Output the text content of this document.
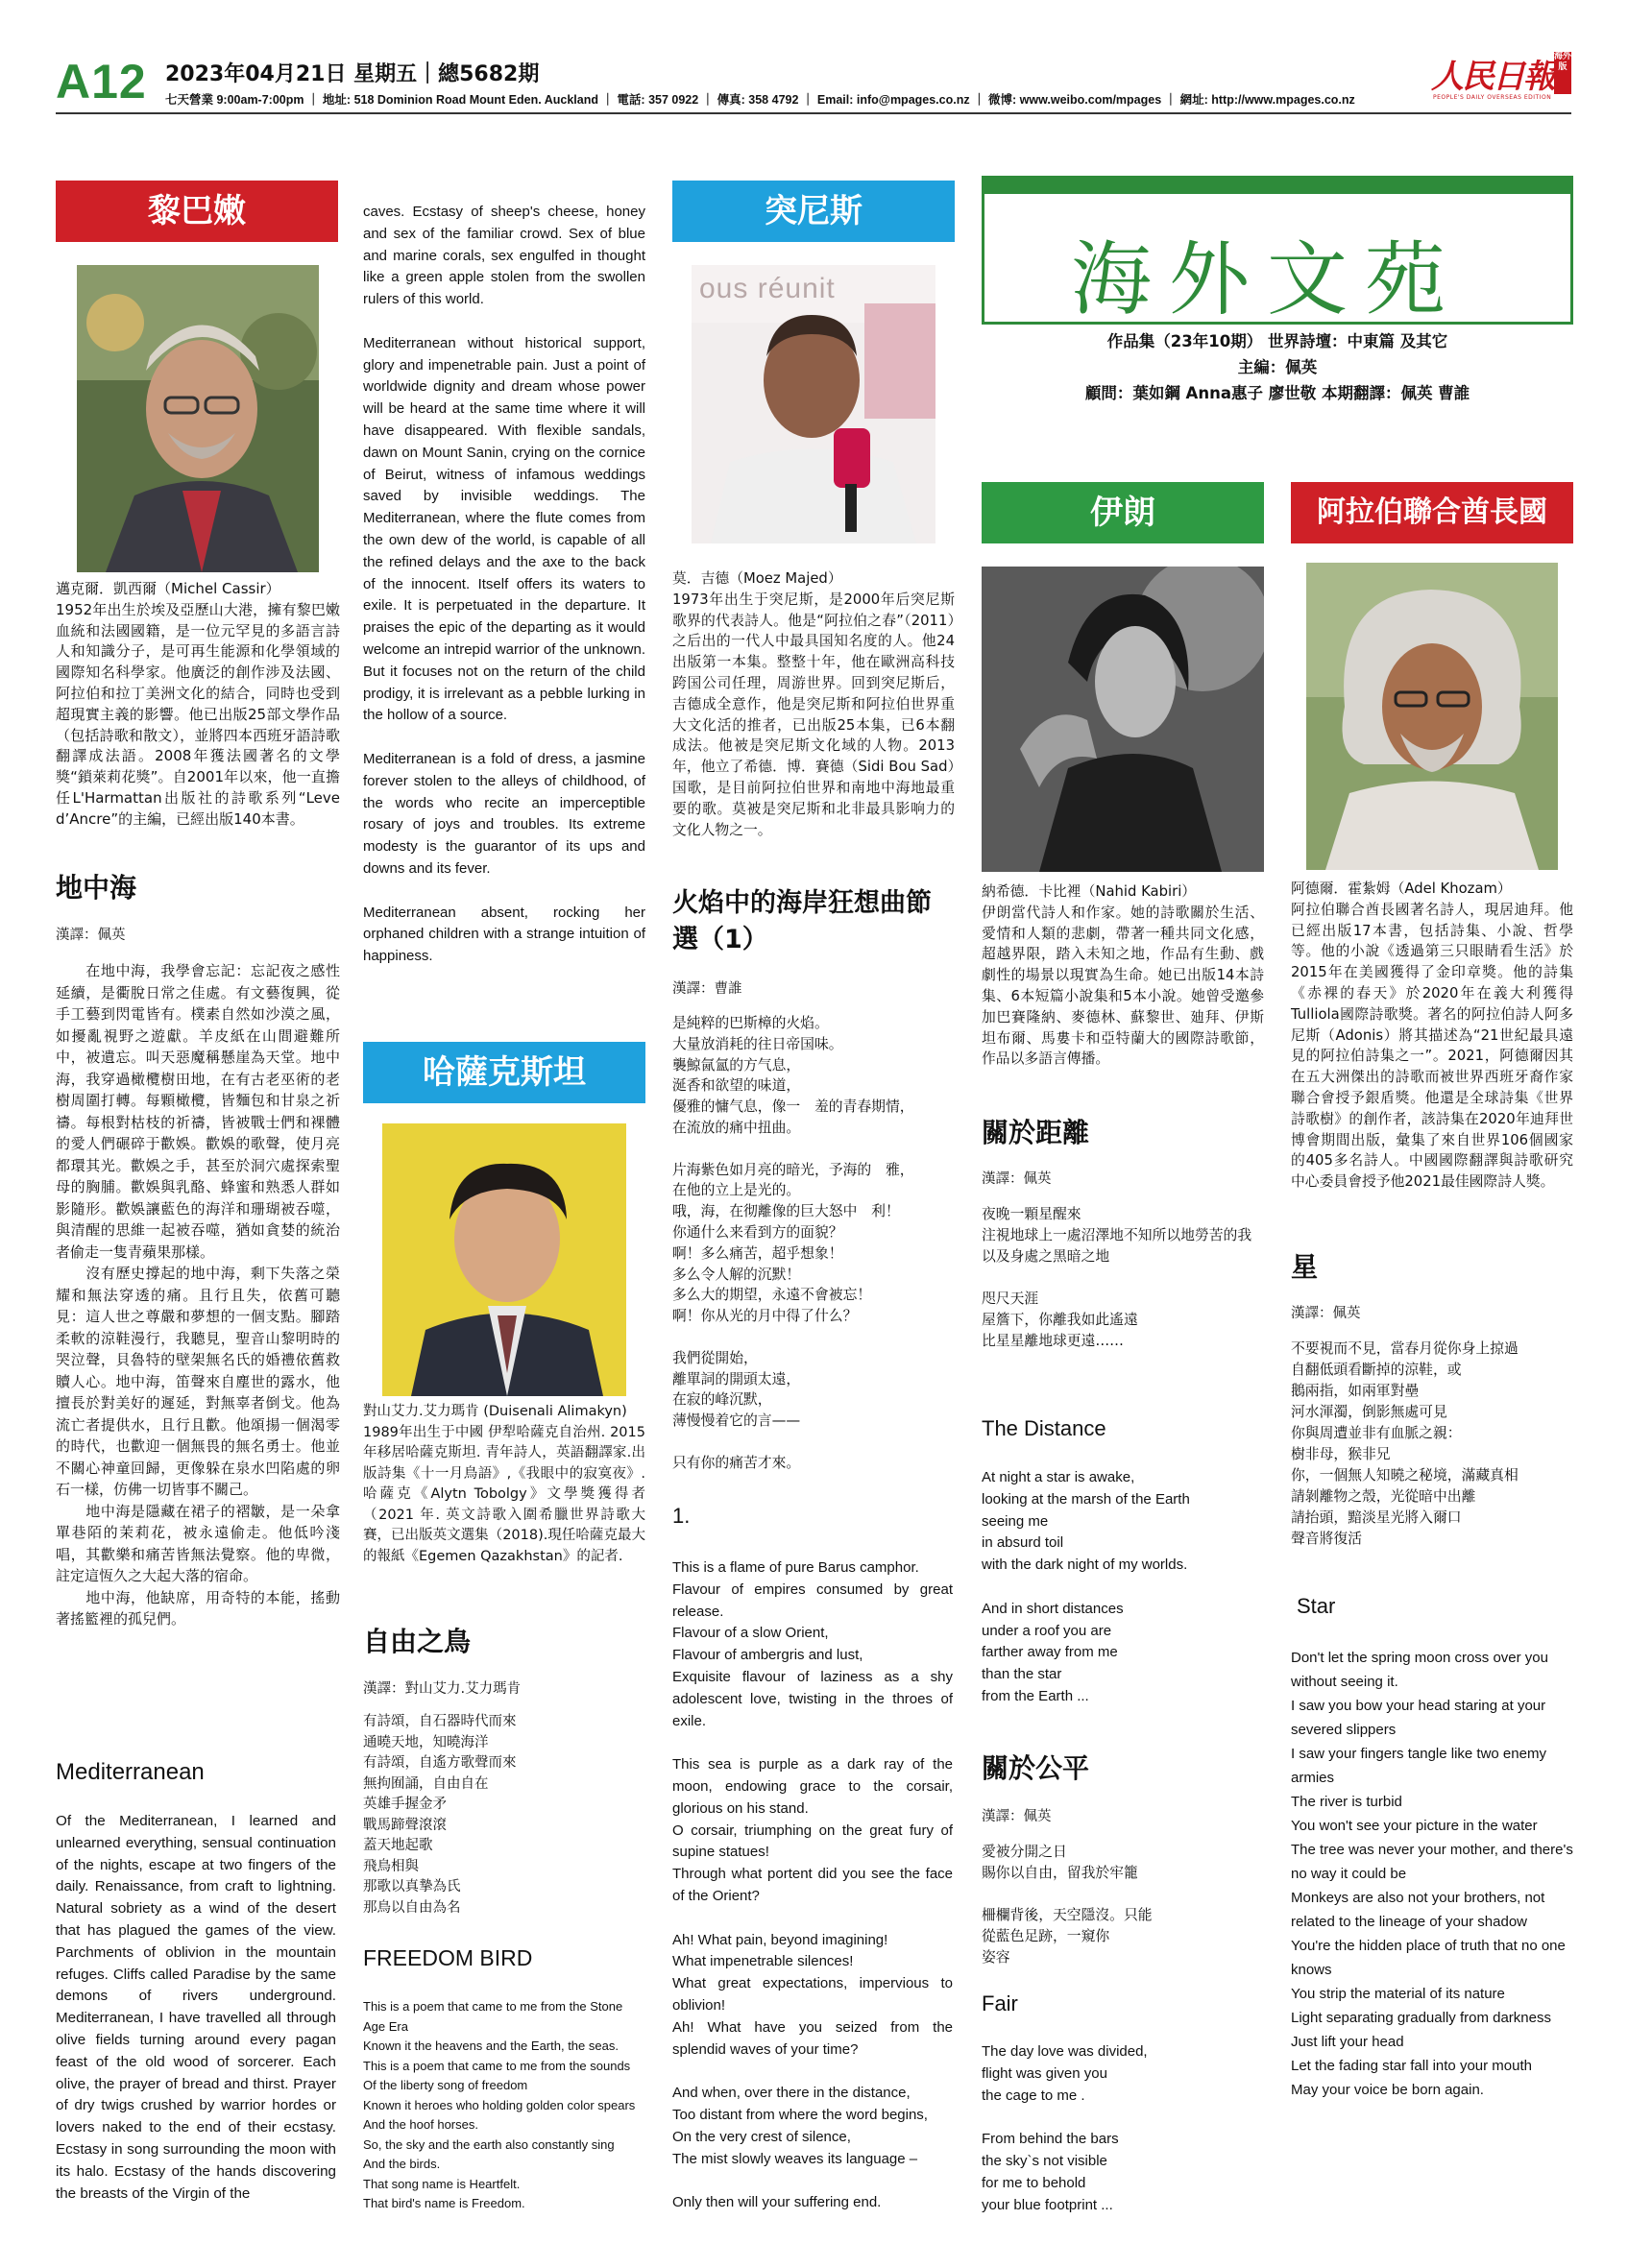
A12 2023年04月21日 星期五｜總5682期
七天營業 9:00am-7:00pm ｜ 地址: 518 Dominion Road Mount Eden. Auckland ｜ 電話: 357 0922 ｜ 傳真: 358 4792 ｜ Email: info@mpages.co.nz ｜ 微博: www.weibo.com/mpages ｜ 網址: http://www.mpages.co.nz
人民日報
海外版
PEOPLE'S DAILY OVERSEAS EDITION
海外文苑
作品集（23年10期） 世界詩壇：中東篇 及其它
主編：佩英
顧問：葉如鋼 Anna惠子 廖世敬 本期翻譯：佩英 曹誰
黎巴嫩
邁克爾．凱西爾（Michel Cassir）
1952年出生於埃及亞歷山大港，擁有黎巴嫩血統和法國國籍，是一位元罕見的多語言詩人和知識分子，是可再生能源和化學領域的國際知名科學家。他廣泛的創作涉及法國、阿拉伯和拉丁美洲文化的結合，同時也受到超現實主義的影響。他已出版25部文學作品（包括詩歌和散文），並將四本西班牙語詩歌翻譯成法語。2008年獲法國著名的文學獎“鎖萊莉花獎”。自2001年以來，他一直擔任L'Harmattan出版社的詩歌系列“Leve d’Ancre”的主編，已經出版140本書。
地中海
漢譯：佩英
　　在地中海，我學會忘記：忘記夜之感性延續，是衢脫日常之佳處。有文藝復興，從手工藝到閃電皆有。樸素自然如沙漠之風，如擾亂視野之遊獻。羊皮紙在山間避難所中，被遺忘。叫天惡魔稱懸崖為天堂。地中海，我穿過橄欖樹田地，在有古老巫術的老樹周圍打轉。每顆橄欖，皆麵包和甘泉之祈禱。每根對枯枝的祈禱，皆被戰士們和裸體的愛人們碾碎于歡娛。歡娛的歌聲，使月亮都環其光。歡娛之手，甚至於洞穴處探索聖母的胸脯。歡娛與乳酪、蜂蜜和熟悉人群如影隨形。歡娛讓藍色的海洋和珊瑚被吞噬，與清醒的思維一起被吞噬，猶如貪婪的統治者偷走一隻青蘋果那樣。
　　沒有歷史撐起的地中海，剩下失落之榮耀和無法穿透的痛。且行且失，依舊可聽見：這人世之尊嚴和夢想的一個支點。腳踏柔軟的涼鞋漫行，我聽見，聖音山黎明時的哭泣聲，貝魯特的壁架無名氏的婚禮依舊救贖人心。地中海，笛聲來自塵世的露水，他擅長於對美好的遲延，對無辜者倒戈。他為流亡者提供水，且行且歡。他頌揚一個渴零的時代，也歡迎一個無畏的無名勇士。他並不關心神童回歸，更像躲在泉水凹陷處的卵石一樣，仿佛一切皆事不關己。
　　地中海是隱藏在裙子的褶皺，是一朵拿單巷陌的茉莉花，被永遠偷走。他低吟淺唱，其歡樂和痛苦皆無法覺察。他的卑微，註定這恆久之大起大落的宿命。
　　地中海，他缺席，用奇特的本能，搖動著搖籃裡的孤兒們。
Mediterranean
Of the Mediterranean, I learned and unlearned everything, sensual continuation of the nights, escape at two fingers of the daily. Renaissance, from craft to lightning. Natural sobriety as a wind of the desert that has plagued the games of the view. Parchments of oblivion in the mountain refuges. Cliffs called Paradise by the same demons of rivers underground. Mediterranean, I have travelled all through olive fields turning around every pagan feast of the old wood of sorcerer. Each olive, the prayer of bread and thirst. Prayer of dry twigs crushed by warrior hordes or lovers naked to the end of their ecstasy. Ecstasy in song surrounding the moon with its halo. Ecstasy of the hands discovering the breasts of the Virgin of the
caves. Ecstasy of sheep's cheese, honey and sex of the familiar crowd. Sex of blue and marine corals, sex engulfed in thought like a green apple stolen from the swollen rulers of this world.

Mediterranean without historical support, glory and impenetrable pain. Just a point of worldwide dignity and dream whose power will be heard at the same time where it will have disappeared. With flexible sandals, dawn on Mount Sanin, crying on the cornice of Beirut, witness of infamous weddings saved by invisible weddings. The Mediterranean, where the flute comes from the own dew of the world, is capable of all the refined delays and the axe to the back of the innocent. Itself offers its waters to exile. It is perpetuated in the departure. It praises the epic of the departing as it would welcome an intrepid warrior of the unknown. But it focuses not on the return of the child prodigy, it is irrelevant as a pebble lurking in the hollow of a source.

Mediterranean is a fold of dress, a jasmine forever stolen to the alleys of childhood, of the words who recite an imperceptible rosary of joys and troubles. Its extreme modesty is the guarantor of its ups and downs and its fever.

Mediterranean absent, rocking her orphaned children with a strange intuition of happiness.
哈薩克斯坦
對山艾力.艾力瑪肯 (Duisenali Alimakyn)
1989年出生于中國 伊犁哈薩克自治州. 2015年移居哈薩克斯坦. 青年詩人，英語翻譯家.出版詩集《十一月鳥語》,《我眼中的寂寞夜》. 哈薩克《Alytn Tobolgy》文學獎獲得者（2021 年. 英文詩歌入圍希臘世界詩歌大賽，已出版英文選集（2018).現任哈薩克最大的報紙《Egemen Qazakhstan》的記者.
自由之鳥
漢譯：對山艾力.艾力瑪肯
有詩頌，自石器時代而來
通曉天地，知曉海洋
有詩頌，自遙方歌聲而來
無拘囿誦，自由自在
英雄手握金矛
戰馬蹄聲滾滾
蓋天地起歌
飛鳥相與
那歌以真摯為氏
那鳥以自由為名
FREEDOM BIRD
This is a poem that came to me from the Stone Age Era
Known it the heavens and the Earth, the seas.
This is a poem that came to me from the sounds
Of the liberty song of freedom
Known it heroes who holding golden color spears
And the hoof horses.
So, the sky and the earth also constantly sing
And the birds.
That song name is Heartfelt.
That bird's name is Freedom.
突尼斯
ous réunit
莫．吉德（Moez Majed）
1973年出生于突尼斯，是2000年后突尼斯歌界的代表詩人。他是“阿拉伯之春”（2011）之后出的一代人中最具国知名度的人。他24出版第一本集。整整十年，他在歐洲高科技跨国公司任理，周游世界。回到突尼斯后，吉德成全意作，他是突尼斯和阿拉伯世界重大文化活的推者，已出版25本集，已6本翻成法。他被是突尼斯文化域的人物。2013年，他立了希德．博．賽德（Sidi Bou Sad）国歌，是目前阿拉伯世界和南地中海地最重要的歌。莫被是突尼斯和北非最具影响力的文化人物之一。
火焰中的海岸狂想曲節選（1）
漢譯：曹誰
是純粹的巴斯樟的火焰。
大量放消耗的往日帝国味。
襲鯨氤氳的方气息，
涎香和欲望的味道，
優雅的慵气息，像一　羞的青春期情，
在流放的痛中扭曲。

片海紫色如月亮的暗光，予海的　雅，
在他的立上是光的。
哦，海，在彻離像的巨大怒中　利！
你通什么来看到方的面貌？
啊！多么痛苦，超乎想象！
多么令人解的沉默！
多么大的期望，永遠不會被忘！
啊！你从光的月中得了什么？

我們從開始，
離單詞的開頭太遠，
在寂的峰沉默，
薄慢慢着它的言——

只有你的痛苦才來。
1.
This is a flame of pure Barus camphor.
Flavour of empires consumed by great release.
Flavour of a slow Orient,
Flavour of ambergris and lust,
Exquisite flavour of laziness as a shy adolescent love, twisting in the throes of exile.

This sea is purple as a dark ray of the moon, endowing grace to the corsair, glorious on his stand.
O corsair, triumphing on the great fury of supine statues!
Through what portent did you see the face of the Orient?

Ah! What pain, beyond imagining!
What impenetrable silences!
What great expectations, impervious to oblivion!
Ah! What have you seized from the splendid waves of your time?

And when, over there in the distance,
Too distant from where the word begins,
On the very crest of silence,
The mist slowly weaves its language –

Only then will your suffering end.
伊朗
納希德．卡比裡（Nahid Kabiri）
伊朗當代詩人和作家。她的詩歌關於生活、愛情和人類的悲劇，帶著一種共同文化感，超越界限，踏入未知之地，作品有生動、戲劇性的場景以現實為生命。她已出版14本詩集、6本短篇小說集和5本小說。她曾受邀參加巴賽隆納、麥德林、蘇黎世、廸拜、伊斯坦布爾、馬婁卡和亞特蘭大的國際詩歌節，作品以多語言傳播。
關於距離
漢譯：佩英
夜晚一顆星醒來
注視地球上一處沼澤地不知所以地勞苦的我
以及身處之黑暗之地

咫尺天涯
屋簷下，你離我如此遙遠
比星星離地球更遠……
The Distance
At night a star is awake,
looking at the marsh of the Earth
seeing me
in absurd toil
with the dark night of my worlds.

And in short distances
under a roof you are
farther away from me
than the star
from the Earth ...
關於公平
漢譯：佩英
愛被分開之日
賜你以自由，留我於牢籠

柵欄背後，天空隱沒。只能
從藍色足跡，一窺你
姿容
Fair
The day love was divided,
flight was given you
the cage to me .

From behind the bars
the sky`s not visible
for me to behold
your blue footprint ...
阿拉伯聯合酋長國
阿德爾．霍紮姆（Adel Khozam）
阿拉伯聯合酋長國著名詩人，現居迪拜。他已經出版17本書，包括詩集、小說、哲學等。他的小說《透過第三只眼睛看生活》於2015年在美國獲得了金印章獎。他的詩集《赤裸的春天》於2020年在義大利獲得Tulliola國際詩歌獎。著名的阿拉伯詩人阿多尼斯（Adonis）將其描述為“21世紀最具遠見的阿拉伯詩集之一”。2021，阿德爾因其在五大洲傑出的詩歌而被世界西班牙裔作家聯合會授予銀盾獎。他還是全球詩集《世界詩歌樹》的創作者，該詩集在2020年迪拜世博會期間出版，彙集了來自世界106個國家的405多名詩人。中國國際翻譯與詩歌研究中心委員會授予他2021最佳國際詩人獎。
星
漢譯：佩英
不要視而不見，當春月從你身上掠過
自翻低頭看斷掉的涼鞋，或
鵝兩指，如兩軍對壘
河水渾濁，倒影無處可見
你與周遭並非有血脈之親：
樹非母，猴非兄
你，一個無人知曉之秘境，滿藏真相
請剝離物之殼，光從暗中出離
請抬頭，黯淡星光將入爾口
聲音將復活
Star
Don't let the spring moon cross over you without seeing it.
I saw you bow your head staring at your severed slippers
I saw your fingers tangle like two enemy armies
The river is turbid
You won't see your picture in the water
The tree was never your mother, and there's no way it could be
Monkeys are also not your brothers, not related to the lineage of your shadow
You're the hidden place of truth that no one knows
You strip the material of its nature
Light separating gradually from darkness
Just lift your head
Let the fading star fall into your mouth
May your voice be born again.
